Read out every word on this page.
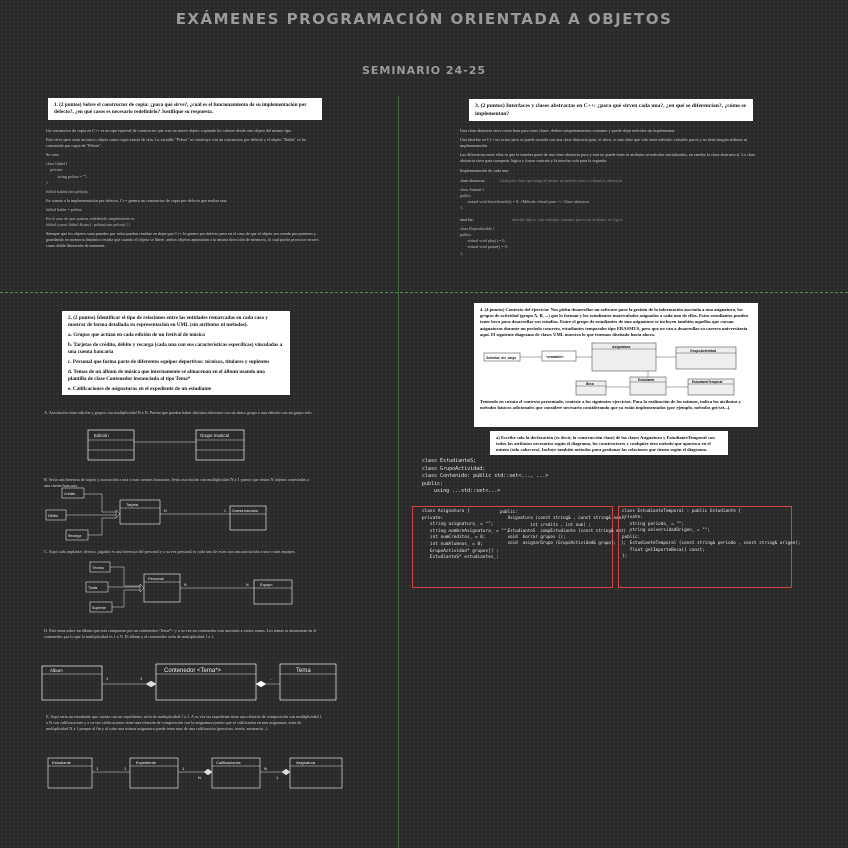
EXÁMENES PROGRAMACIÓN ORIENTADA A OBJETOS
SEMINARIO 24-25

1. (2 puntos) Sobre el constructor de copia: ¿para qué sirve?, ¿cuál es el funcionamiento de su implementación por defecto?, ¿en qué casos es necesario redefinirlo? Justifique su respuesta.

Un constructor de copia en C++ es un tipo especial de constructor que crea un nuevo objeto copiando los valores desde otro objeto del mismo tipo.
Este sirve para crear un nuevo objeto como copia exacta de otra. La variable "Pelota" se construye con un constructor por defecto y el objeto "Balón" se ha construido por copia de "Pelota".
Se crea:
class fútbol{
private:
string pelota = "";
}
fútbol balón(otro.pelota);
En cuanto a la implementación por defecto, C++ genera un constructor de copia por defecto que realiza una:
fútbol balón = pelota;
En el caso de que quieras redefinirlo simplemente es:
fútbol (const fútbol &otro) : pelota(otro.pelota) {}
Siempre que los objetos sean pasados por valor pueden resultar en dejar que C++ lo genere por defecto pero en el caso de que el objeto sea creado por punteros y guardando en memoria dinámica resulta que cuando el objeto se libere, ambos objetos apuntarían a la misma dirección de memoria, lo cual puede provocar errores como doble liberación de memoria.

3. (2 puntos) Interfaces y clases abstractas en C++: ¿para qué sirven cada una?, ¿en qué se diferencian?, ¿cómo se implementan?

Una clase abstracta sirve como base para otras clases, define comportamientos comunes y puede dejar métodos sin implementar.
Una interfaz en C++ no existe pero se puede simular con una clase abstracta pura, es decir, es una clase que solo tiene métodos virtuales puros y no tiene ningún atributo ni implementación.
Las diferencias entre ellas es que la interfaz parte de una clase abstracta pura y esta no puede tener ni atributos ni métodos inicializados, en cambio la clase abstracta sí. La clase abstracta sirve para compartir lógica y forzar contrato y la interfaz solo para la segunda.
Implementación de cada una:
clase abstracta:	Cualquier clase que tenga al menos un método puro o virtual es abstracta.
class Animal {
public:
virtual void hacerSonido() = 0; //Método virtual puro --> Clase abstracta
};
interfaz:	interfaz típica: solo métodos virtuales puros sin atributos ni lógica
class Reproducible {
public:
virtual void play() = 0;
virtual void pause() = 0;
};

2. (2 puntos) Identificar el tipo de relaciones entre las entidades remarcadas en cada caso y mostrar de forma detallada su representación en UML (sin atributos ni métodos).

a. Grupos que actúan en cada edición de un festival de música

b. Tarjetas de crédito, débito y recarga (cada una con sus características específicas) vinculadas a una cuenta bancaria

c. Personal que forma parte de diferentes equipos deportivos: técnicos, titulares y suplentes

d. Temas de un álbum de música que internamente se almacenan en el álbum usando una plantilla de clase Contenedor instanciada al tipo Tema*

e. Calificaciones de asignaturas en el expediente de un estudiante

A. Asociación entre edición y grupos con multiplicidad N a N. Puesto que pueden haber distintas ediciones con un único grupo o una edición con un grupo solo.
Edición	Grupo musical
B. Sería una herencia de tarjeta y asociación a una o mas cuentas bancarias. Sería asociación con multiplicidad N a 1 puesto que tenias N tarjetas conectadas a una cuenta bancaria
Crédito
Débito
Recarga
Tarjeta
Cuenta bancaria
N	1
C. Aquí cada implante, técnico, jugador es una herencia del personal y a su vez personal es cada uno de estos son una asociación a uno o más equipos.
Técnico
Titular
Suplente
Personal
Equipo
N	N
D. Este tema sobre un álbum que esta compuesto por un contenedor<Tema*> y a su vez un contenedor esta asociado a varios temas. Los temas se almacenan en el contenedor por lo que la multiplicidad es 1 a N. El álbum y el contenedor sería de multiplicidad 1 a 1.
Álbum	Contenedor <Tema*>	Tema
1	1	...
E. Aquí sería un estudiante que cuenta con un expediente, sería de multiplicidad 1 a 1. A su vez un expediente tiene una relación de composición con multiplicidad 1 a N con calificaciones y a su vez calificaciones tiene una relación de composición con la asignatura puesto que se calificarían en una asignatura, sería de multiplicidad N a 1 porque al fin y al cabo una misma asignatura puede tener mas de una calificación (practicas, teoría, asistencia...)
Estudiante	Expediente	Calificaciones	Asignatura
1	1	1
N
N
1

4. (4 puntos) Contexto del ejercicio: Nos piden desarrollar un software para la gestión de la información asociada a una asignatura, los grupos de actividad (grupo A, B, ...) que lo forman y los estudiantes matriculados asignados a cada uno de ellos. Estos estudiantes pueden tener beca para desarrollar sus estudios. Entre el grupo de estudiantes de una asignatura se incluyen también aquellos que cursan asignaturas durante un período concreto, estudiantes temporales tipo ERASMUS, pero que no van a desarrollar su carrera universitaria aquí. El siguiente diagrama de clases UML muestra lo que tenemos diseñado hasta ahora.

Solicitud_del_cargo	«creatable»
Asignatura
GrupoActividad
Estudiante
Beca	EstudianteTemporal

Teniendo en cuenta el contexto presentado, conteste a los siguientes ejercicios. Para la realización de los mismos, indica los atributos y métodos básicos adicionales que considere necesario considerando que ya están implementados (por ejemplo, métodos get/set...).

a) Escribe solo la declaración (es decir, la construcción clase) de las clases Asignatura y EstudianteTemporal con todos los atributos necesarios según el diagrama, los constructores y cualquier otro método que aparezca en el mismo (solo cabecera). Incluye también métodos para gestionar las relaciones que tienen según el diagrama.

class EstudianteS;
class GrupoActividad;
class Contenido: public std::set<..., ...>
public:
using ...std::set<...>
class Asignatura {
private:
string asignatura_ = "";
string nombreAsignatura_ = "";
int numCreditos_ = 0;
int numAlumnos_ = 0;
GrupoActividad* grupos[] ;
EstudianteS* estudiantes_;
public:
Asignatura (const string& , const string& nom ,
int credits , int num) ;
EstudianteS  compEstudiante (const string& est) ;
void  borrar grupos ();
void  asignarGrupo (GrupoActividad& grupo);  };
class EstudianteTemporal : public Estudiante {
private:
string periodo_ = "";
string universidadOrigen_ = "";
public:
EstudianteTemporal (const string& periodo , const string& origen);
float getImporteBeca() const;
};
